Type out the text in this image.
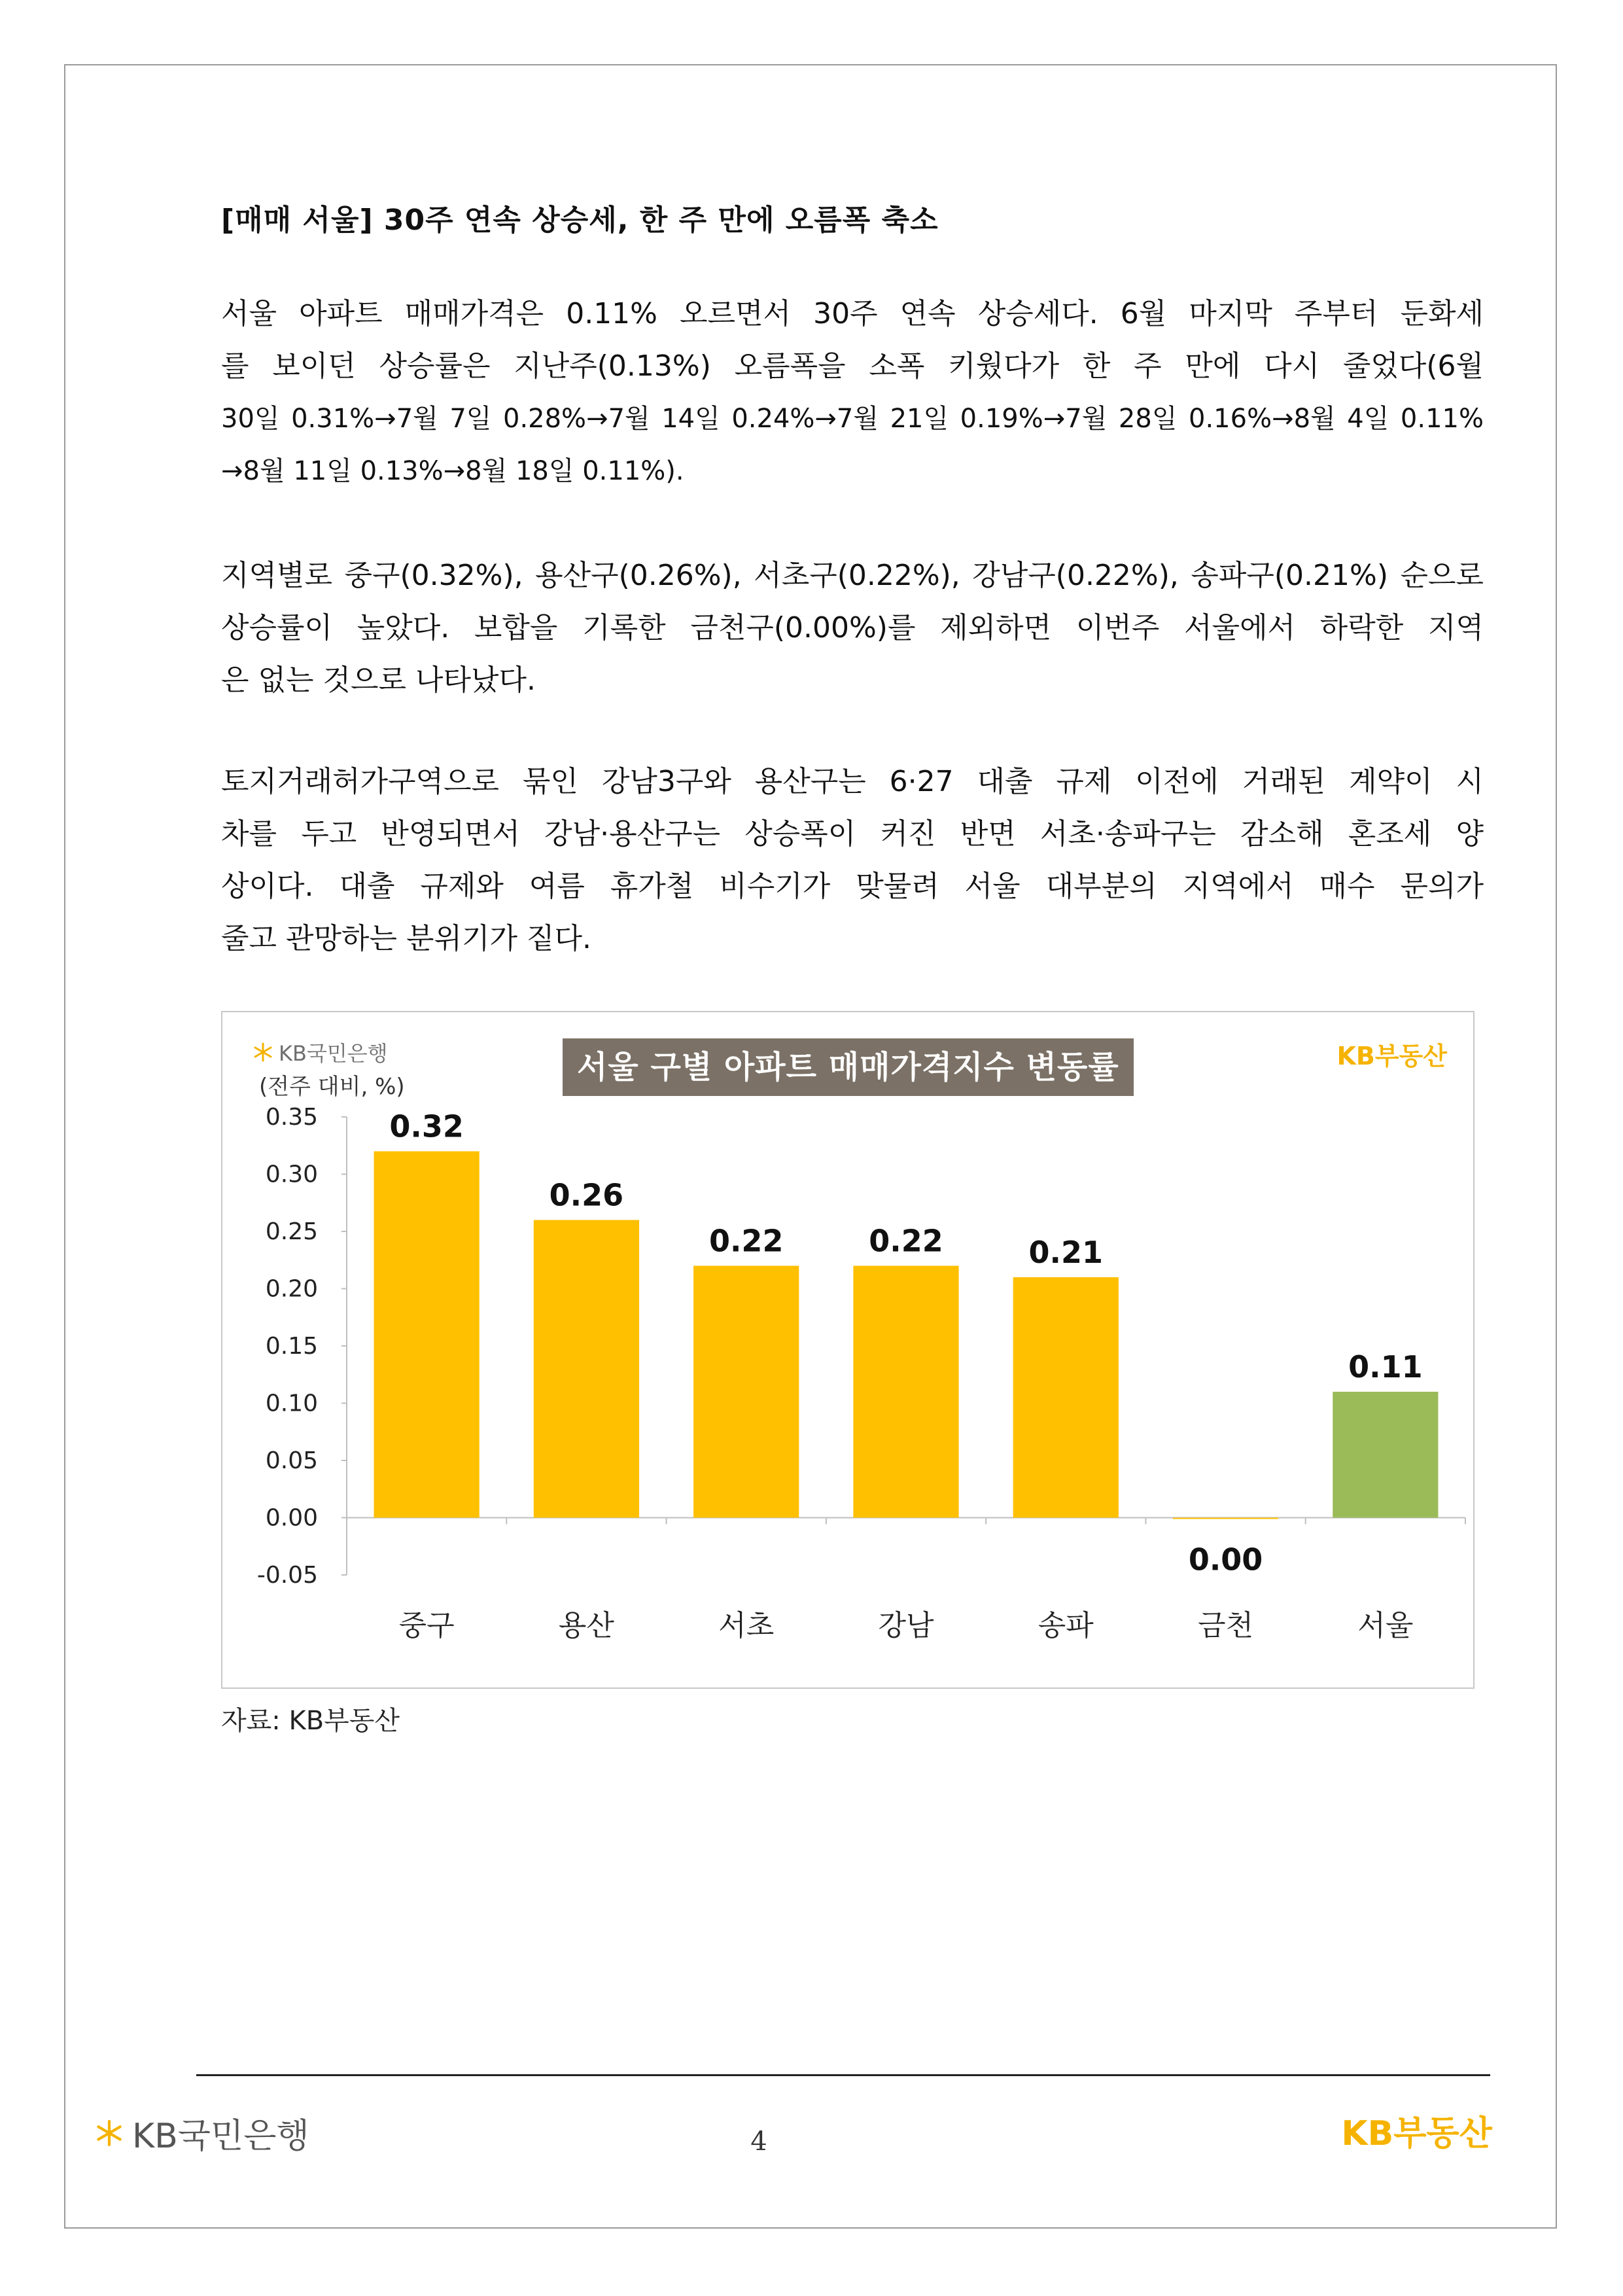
[매매 서울] 30주 연속 상승세, 한 주 만에 오름폭 축소
서울 아파트 매매가격은 0.11% 오르면서 30주 연속 상승세다. 6월 마지막 주부터 둔화세
를 보이던 상승률은 지난주(0.13%) 오름폭을 소폭 키웠다가 한 주 만에 다시 줄었다(6월
30일 0.31%→7월 7일 0.28%→7월 14일 0.24%→7월 21일 0.19%→7월 28일 0.16%→8월 4일 0.11%
→8월 11일 0.13%→8월 18일 0.11%).
지역별로 중구(0.32%), 용산구(0.26%), 서초구(0.22%), 강남구(0.22%), 송파구(0.21%) 순으로
상승률이 높았다. 보합을 기록한 금천구(0.00%)를 제외하면 이번주 서울에서 하락한 지역
은 없는 것으로 나타났다.
토지거래허가구역으로 묶인 강남3구와 용산구는 6·27 대출 규제 이전에 거래된 계약이 시
차를 두고 반영되면서 강남·용산구는 상승폭이 커진 반면 서초·송파구는 감소해 혼조세 양
상이다. 대출 규제와 여름 휴가철 비수기가 맞물려 서울 대부분의 지역에서 매수 문의가
줄고 관망하는 분위기가 짙다.
KB국민은행
(전주 대비, %)
서울 구별 아파트 매매가격지수 변동률	KB부동산
0.35
0.30
0.25
0.20
0.15
0.10
0.05
0.00
-0.05
0.32
중구
0.26
용산
0.22
서초
0.22
강남
0.21
송파
0.00
금천
0.11
서울
자료: KB부동산
KB국민은행	4	KB부동산
